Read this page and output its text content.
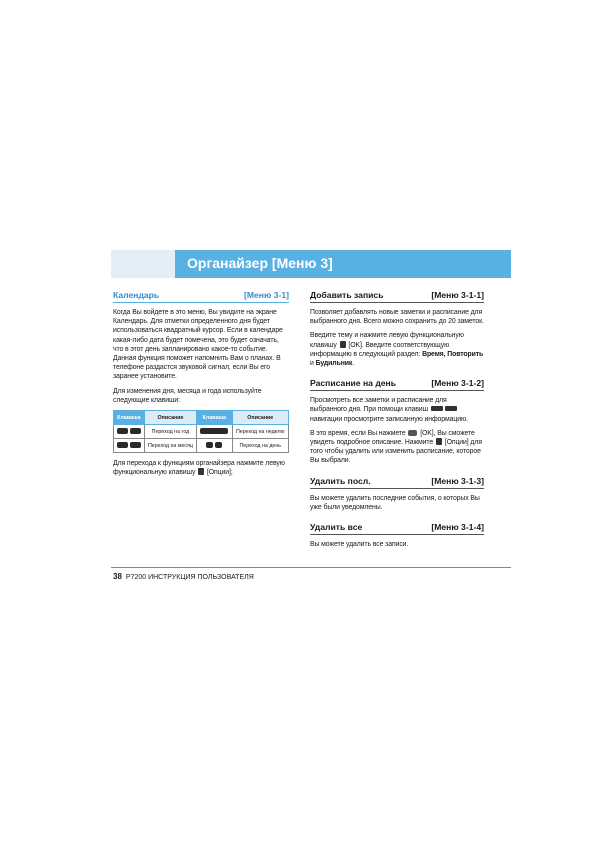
Органайзер [Меню 3]
Календарь	[Меню 3-1]

Когда Вы войдете в это меню, Вы увидите на экране Календарь. Для отметки определенного дня будет использоваться квадратный курсор. Если в календаре какая-либо дата будет помечена, это будет означать, что в этот день запланировано какое-то событие. Данная функция поможет напомнить Вам о планах. В телефоне раздастся звуковой сигнал, если Вы его заранее установите.

Для изменения дня, месяца и года используйте следующие клавиши:

Клавиша	Описание	Клавиша	Описание
	Переход на год		Переход на неделю
	Переход на месяц		Переход на день

Для перехода к функциям органайзера нажмите левую функциональную клавишу [Опции];

Добавить запись	[Меню 3-1-1]

Позволяет добавлять новые заметки и расписание для выбранного дня. Всего можно сохранить до 20 заметок.

Введите тему и нажмите левую функциональную клавишу [OK]. Введите соответствующую информацию в следующий раздел: Время, Повторить и Будильник.

Расписание на день	[Меню 3-1-2]

Просмотреть все заметки и расписание для выбранного дня. При помощи клавиш  навигации просмотрите записанную информацию.

В это время, если Вы нажмете [OK], Вы сможете увидеть подробное описание. Нажмите [Опции] для того чтобы удалить или изменить расписание, которое Вы выбрали.

Удалить посл.	[Меню 3-1-3]

Вы можете удалить последние события, о которых Вы уже были уведомлены.

Удалить все	[Меню 3-1-4]

Вы можете удалить все записи.

38 P7200 ИНСТРУКЦИЯ ПОЛЬЗОВАТЕЛЯ
